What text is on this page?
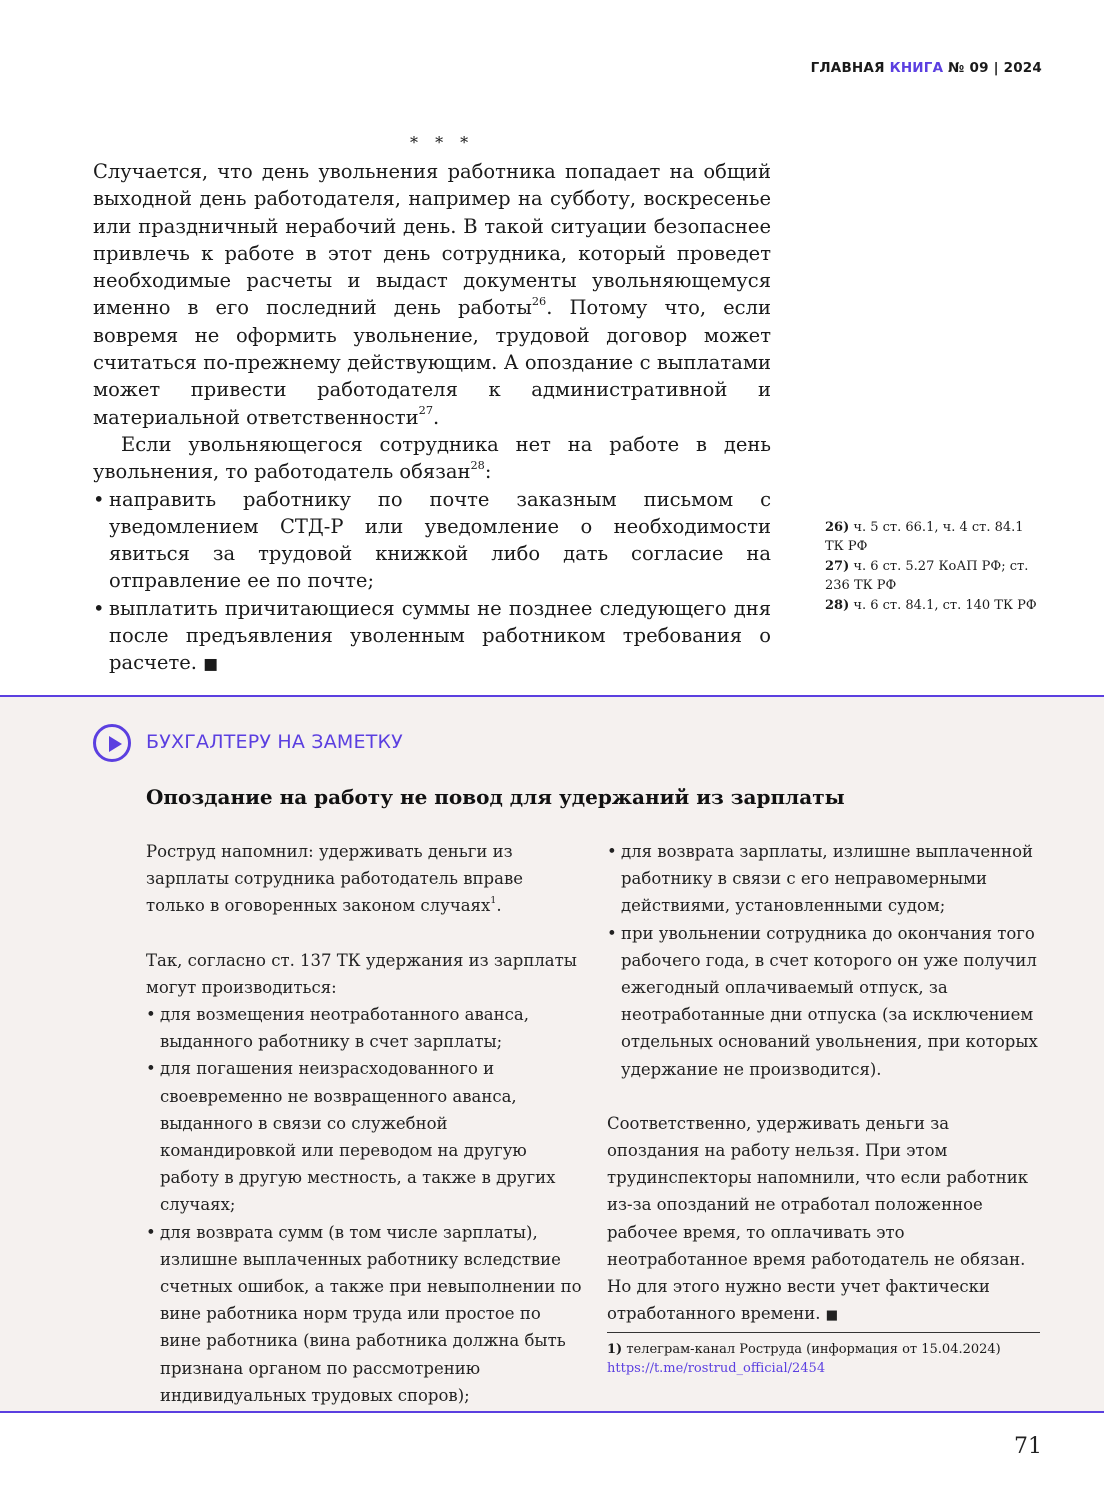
ГЛАВНАЯ КНИГА № 09 | 2024
* * *

Случается, что день увольнения работника попадает на общий выходной день работодателя, например на субботу, воскресенье или праздничный нерабочий день. В такой ситуации безопаснее привлечь к работе в этот день сотрудника, который проведет необходимые расчеты и выдаст документы увольняющемуся именно в его последний день работы$^{26}$. Потому что, если вовремя не оформить увольнение, трудовой договор может считаться по-прежнему действующим. А опоздание с выплатами может привести работодателя к административной и материальной ответственности$^{27}$.

Если увольняющегося сотрудника нет на работе в день увольнения, то работодатель обязан$^{28}$:

• направить работнику по почте заказным письмом с уведомлением СТД-Р или уведомление о необходимости явиться за трудовой книжкой либо дать согласие на отправление ее по почте;
• выплатить причитающиеся суммы не позднее следующего дня после предъявления уволенным работником требования о расчете. ■

26) ч. 5 ст. 66.1, ч. 4 ст. 84.1 ТК РФ

27) ч. 6 ст. 5.27 КоАП РФ; ст. 236 ТК РФ

28) ч. 6 ст. 84.1, ст. 140 ТК РФ

БУХГАЛТЕРУ НА ЗАМЕТКУ
Опоздание на работу не повод для удержаний из зарплаты

Роструд напомнил: удерживать деньги из зарплаты сотрудника работодатель вправе только в оговоренных законом случаях$^1$.

Так, согласно ст. 137 ТК удержания из зарплаты могут производиться:

• для возмещения неотработанного аванса, выданного работнику в счет зарплаты;
• для погашения неизрасходованного и своевременно не возвращенного аванса, выданного в связи со служебной командировкой или переводом на другую работу в другую местность, а также в других случаях;
• для возврата сумм (в том числе зарплаты), излишне выплаченных работнику вследствие счетных ошибок, а также при невыполнении по вине работника норм труда или простое по вине работника (вина работника должна быть признана органом по рассмотрению индивидуальных трудовых споров);
• для возврата зарплаты, излишне выплаченной работнику в связи с его неправомерными действиями, установленными судом;
• при увольнении сотрудника до окончания того рабочего года, в счет которого он уже получил ежегодный оплачиваемый отпуск, за неотработанные дни отпуска (за исключением отдельных оснований увольнения, при которых удержание не производится).

Соответственно, удерживать деньги за опоздания на работу нельзя. При этом трудинспекторы напомнили, что если работник из-за опозданий не отработал положенное рабочее время, то оплачивать это неотработанное время работодатель не обязан. Но для этого нужно вести учет фактически отработанного времени. ■

1) телеграм-канал Роструда (информация от 15.04.2024)
https://t.me/rostrud_official/2454
71
